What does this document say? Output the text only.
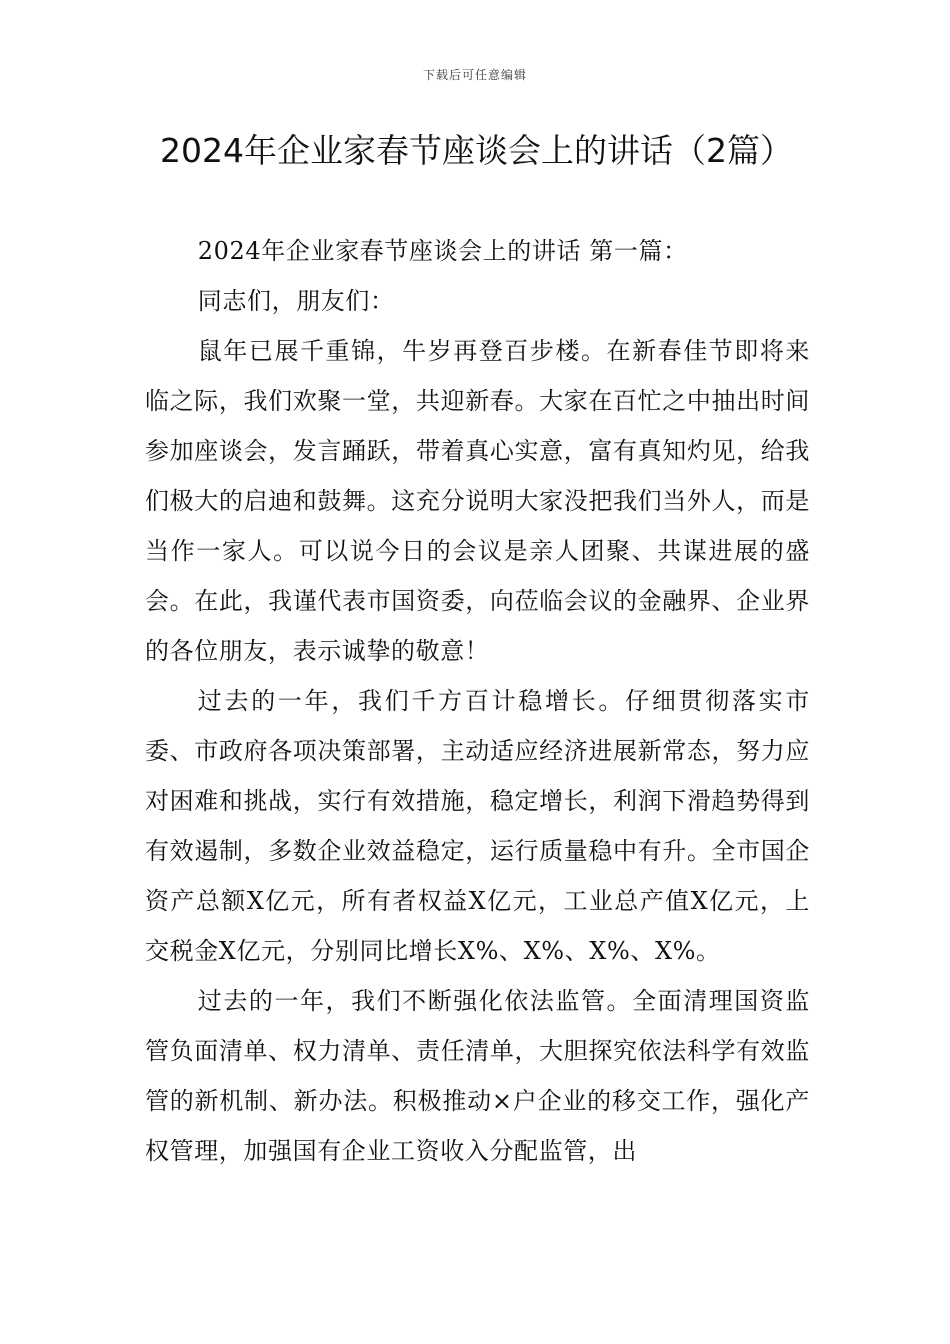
下载后可任意编辑
2024年企业家春节座谈会上的讲话（2篇）

2024年企业家春节座谈会上的讲话 第一篇：

同志们，朋友们：

鼠年已展千重锦，牛岁再登百步楼。在新春佳节即将来临之际，我们欢聚一堂，共迎新春。大家在百忙之中抽出时间参加座谈会，发言踊跃，带着真心实意，富有真知灼见，给我们极大的启迪和鼓舞。这充分说明大家没把我们当外人，而是当作一家人。可以说今日的会议是亲人团聚、共谋进展的盛会。在此，我谨代表市国资委，向莅临会议的金融界、企业界的各位朋友，表示诚挚的敬意！

过去的一年，我们千方百计稳增长。仔细贯彻落实市委、市政府各项决策部署，主动适应经济进展新常态，努力应对困难和挑战，实行有效措施，稳定增长，利润下滑趋势得到有效遏制，多数企业效益稳定，运行质量稳中有升。全市国企资产总额X亿元，所有者权益X亿元，工业总产值X亿元，上交税金X亿元，分别同比增长X%、X%、X%、X%。

过去的一年，我们不断强化依法监管。全面清理国资监管负面清单、权力清单、责任清单，大胆探究依法科学有效监管的新机制、新办法。积极推动×户企业的移交工作，强化产权管理，加强国有企业工资收入分配监管，出
